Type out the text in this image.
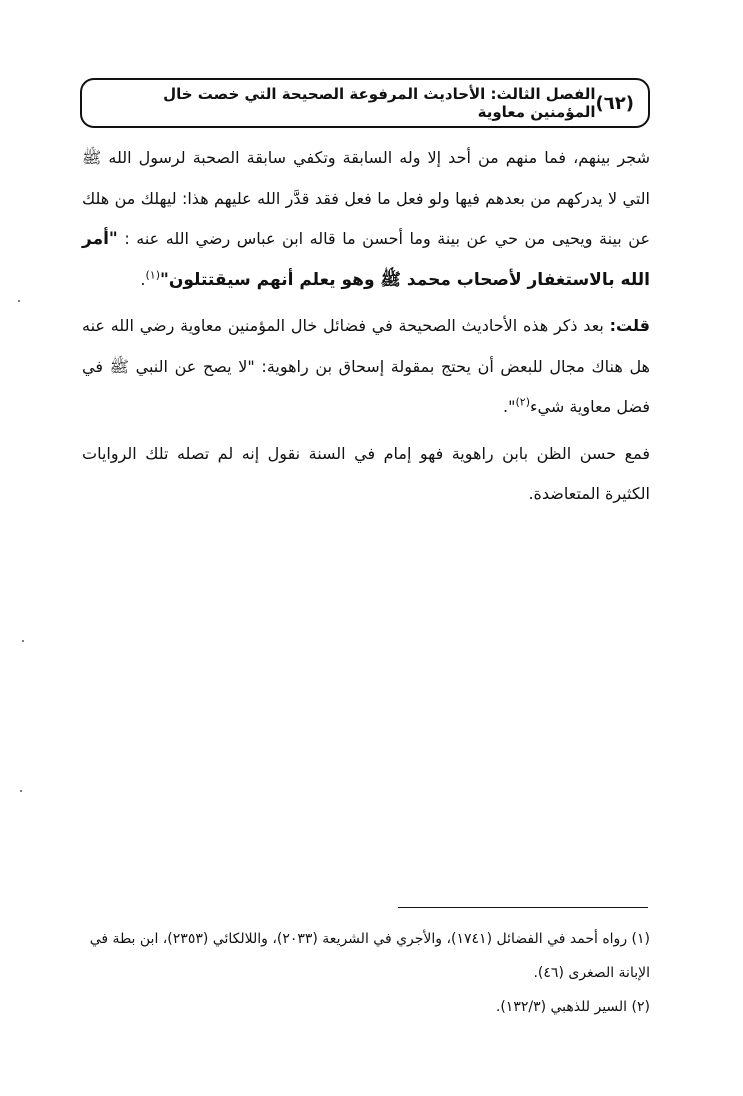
(٦٢)
الفصل الثالث: الأحاديث المرفوعة الصحيحة التي خصت خال المؤمنين معاوية

شجر بينهم، فما منهم من أحد إلا وله السابقة وتكفي سابقة الصحبة لرسول الله ﷺ التي لا يدركهم من بعدهم فيها ولو فعل ما فعل فقد قدَّر الله عليهم هذا: ليهلك من هلك عن بينة ويحيى من حي عن بينة وما أحسن ما قاله ابن عباس رضي الله عنه : "أمر الله بالاستغفار لأصحاب محمد ﷺ وهو يعلم أنهم سيقتتلون"$^{(١)}$.

قلت: بعد ذكر هذه الأحاديث الصحيحة في فضائل خال المؤمنين معاوية رضي الله عنه هل هناك مجال للبعض أن يحتج بمقولة إسحاق بن راهوية: "لا يصح عن النبي ﷺ في فضل معاوية شيء$^{(٢)}$".

فمع حسن الظن بابن راهوية فهو إمام في السنة نقول إنه لم تصله تلك الروايات الكثيرة المتعاضدة.

(١) رواه أحمد في الفضائل (١٧٤١)، والأجري في الشريعة (٢٠٣٣)، واللالكائي (٢٣٥٣)، ابن بطة في الإبانة الصغرى (٤٦).

(٢) السير للذهبي (١٣٢/٣).
